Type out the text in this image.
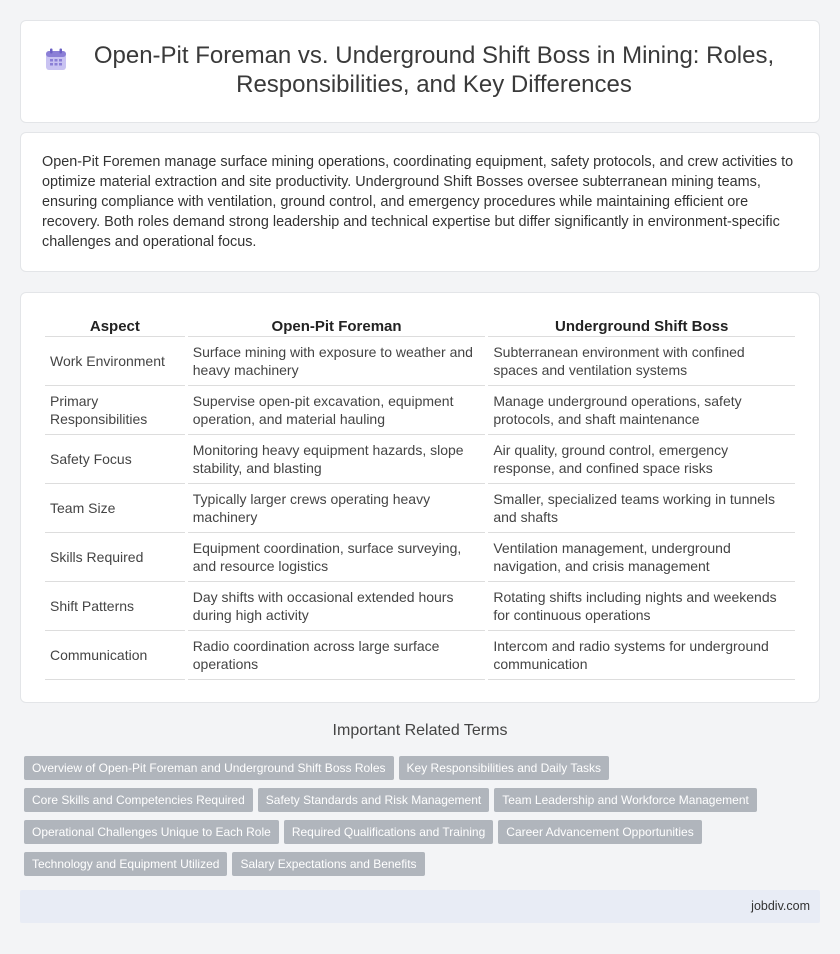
Open-Pit Foreman vs. Underground Shift Boss in Mining: Roles, Responsibilities, and Key Differences

Open-Pit Foremen manage surface mining operations, coordinating equipment, safety protocols, and crew activities to optimize material extraction and site productivity. Underground Shift Bosses oversee subterranean mining teams, ensuring compliance with ventilation, ground control, and emergency procedures while maintaining efficient ore recovery. Both roles demand strong leadership and technical expertise but differ significantly in environment-specific challenges and operational focus.

Aspect	Open-Pit Foreman	Underground Shift Boss
Work Environment	Surface mining with exposure to weather and heavy machinery	Subterranean environment with confined spaces and ventilation systems
Primary Responsibilities	Supervise open-pit excavation, equipment operation, and material hauling	Manage underground operations, safety protocols, and shaft maintenance
Safety Focus	Monitoring heavy equipment hazards, slope stability, and blasting	Air quality, ground control, emergency response, and confined space risks
Team Size	Typically larger crews operating heavy machinery	Smaller, specialized teams working in tunnels and shafts
Skills Required	Equipment coordination, surface surveying, and resource logistics	Ventilation management, underground navigation, and crisis management
Shift Patterns	Day shifts with occasional extended hours during high activity	Rotating shifts including nights and weekends for continuous operations
Communication	Radio coordination across large surface operations	Intercom and radio systems for underground communication
Important Related Terms
Overview of Open-Pit Foreman and Underground Shift Boss Roles Key Responsibilities and Daily Tasks
Core Skills and Competencies Required Safety Standards and Risk Management Team Leadership and Workforce Management
Operational Challenges Unique to Each Role Required Qualifications and Training Career Advancement Opportunities
Technology and Equipment Utilized Salary Expectations and Benefits
jobdiv.com
